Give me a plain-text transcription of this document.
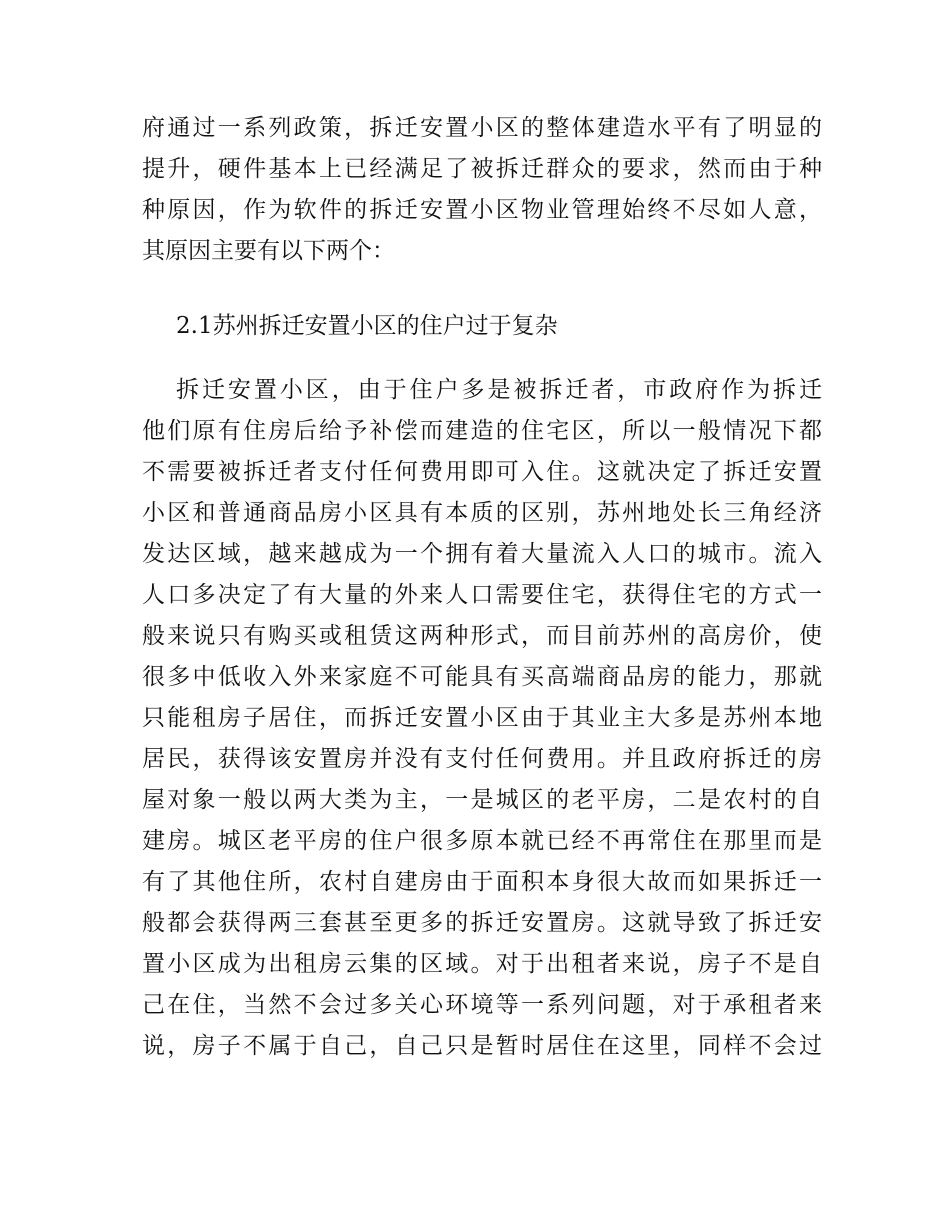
府通过一系列政策，拆迁安置小区的整体建造水平有了明显的
提升，硬件基本上已经满足了被拆迁群众的要求，然而由于种
种原因，作为软件的拆迁安置小区物业管理始终不尽如人意，
其原因主要有以下两个：
2.1苏州拆迁安置小区的住户过于复杂
拆迁安置小区，由于住户多是被拆迁者，市政府作为拆迁
他们原有住房后给予补偿而建造的住宅区，所以一般情况下都
不需要被拆迁者支付任何费用即可入住。这就决定了拆迁安置
小区和普通商品房小区具有本质的区别，苏州地处长三角经济
发达区域，越来越成为一个拥有着大量流入人口的城市。流入
人口多决定了有大量的外来人口需要住宅，获得住宅的方式一
般来说只有购买或租赁这两种形式，而目前苏州的高房价，使
很多中低收入外来家庭不可能具有买高端商品房的能力，那就
只能租房子居住，而拆迁安置小区由于其业主大多是苏州本地
居民，获得该安置房并没有支付任何费用。并且政府拆迁的房
屋对象一般以两大类为主，一是城区的老平房，二是农村的自
建房。城区老平房的住户很多原本就已经不再常住在那里而是
有了其他住所，农村自建房由于面积本身很大故而如果拆迁一
般都会获得两三套甚至更多的拆迁安置房。这就导致了拆迁安
置小区成为出租房云集的区域。对于出租者来说，房子不是自
己在住，当然不会过多关心环境等一系列问题，对于承租者来
说，房子不属于自己，自己只是暂时居住在这里，同样不会过
